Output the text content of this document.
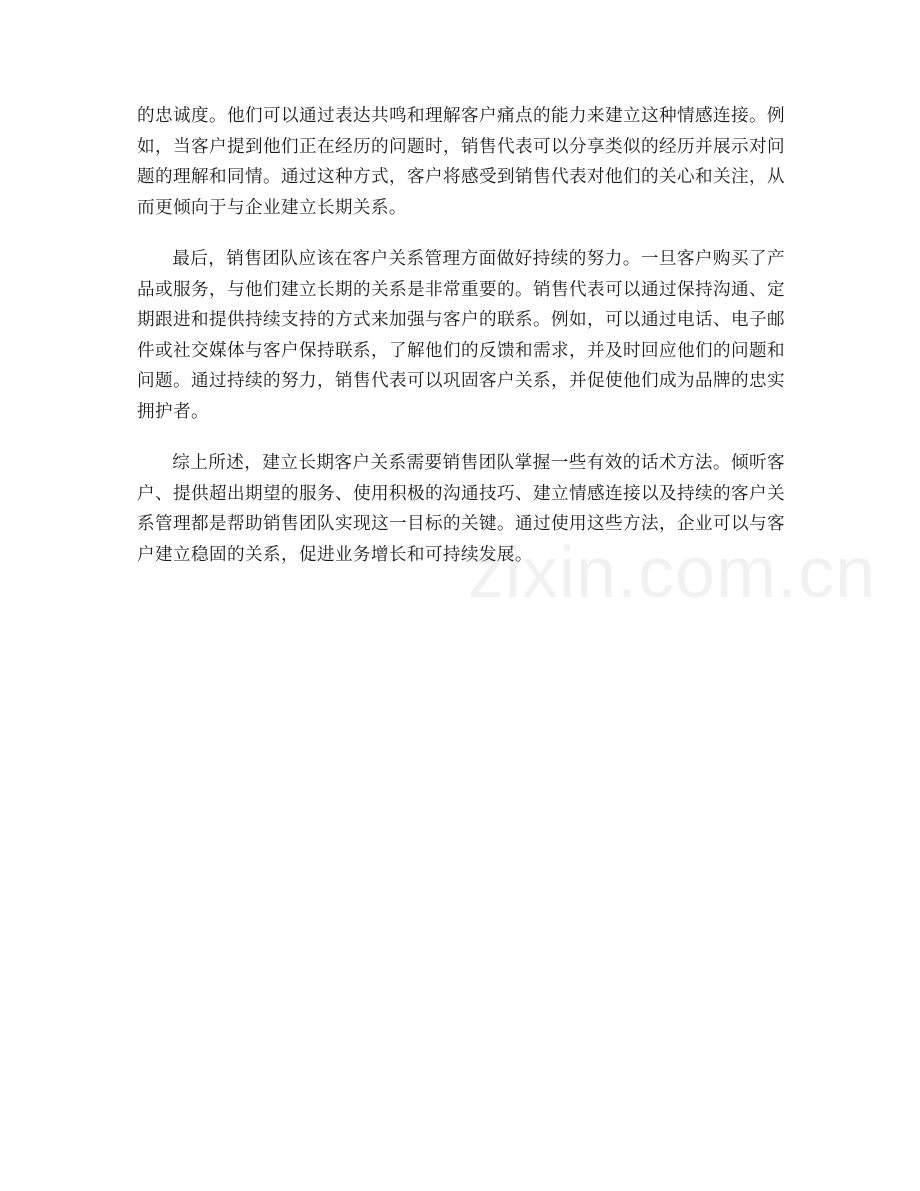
的忠诚度。他们可以通过表达共鸣和理解客户痛点的能力来建立这种情感连接。例如，当客户提到他们正在经历的问题时，销售代表可以分享类似的经历并展示对问题的理解和同情。通过这种方式，客户将感受到销售代表对他们的关心和关注，从而更倾向于与企业建立长期关系。

最后，销售团队应该在客户关系管理方面做好持续的努力。一旦客户购买了产品或服务，与他们建立长期的关系是非常重要的。销售代表可以通过保持沟通、定期跟进和提供持续支持的方式来加强与客户的联系。例如，可以通过电话、电子邮件或社交媒体与客户保持联系，了解他们的反馈和需求，并及时回应他们的问题和问题。通过持续的努力，销售代表可以巩固客户关系，并促使他们成为品牌的忠实拥护者。

综上所述，建立长期客户关系需要销售团队掌握一些有效的话术方法。倾听客户、提供超出期望的服务、使用积极的沟通技巧、建立情感连接以及持续的客户关系管理都是帮助销售团队实现这一目标的关键。通过使用这些方法，企业可以与客户建立稳固的关系，促进业务增长和可持续发展。

zixin.com.cn
